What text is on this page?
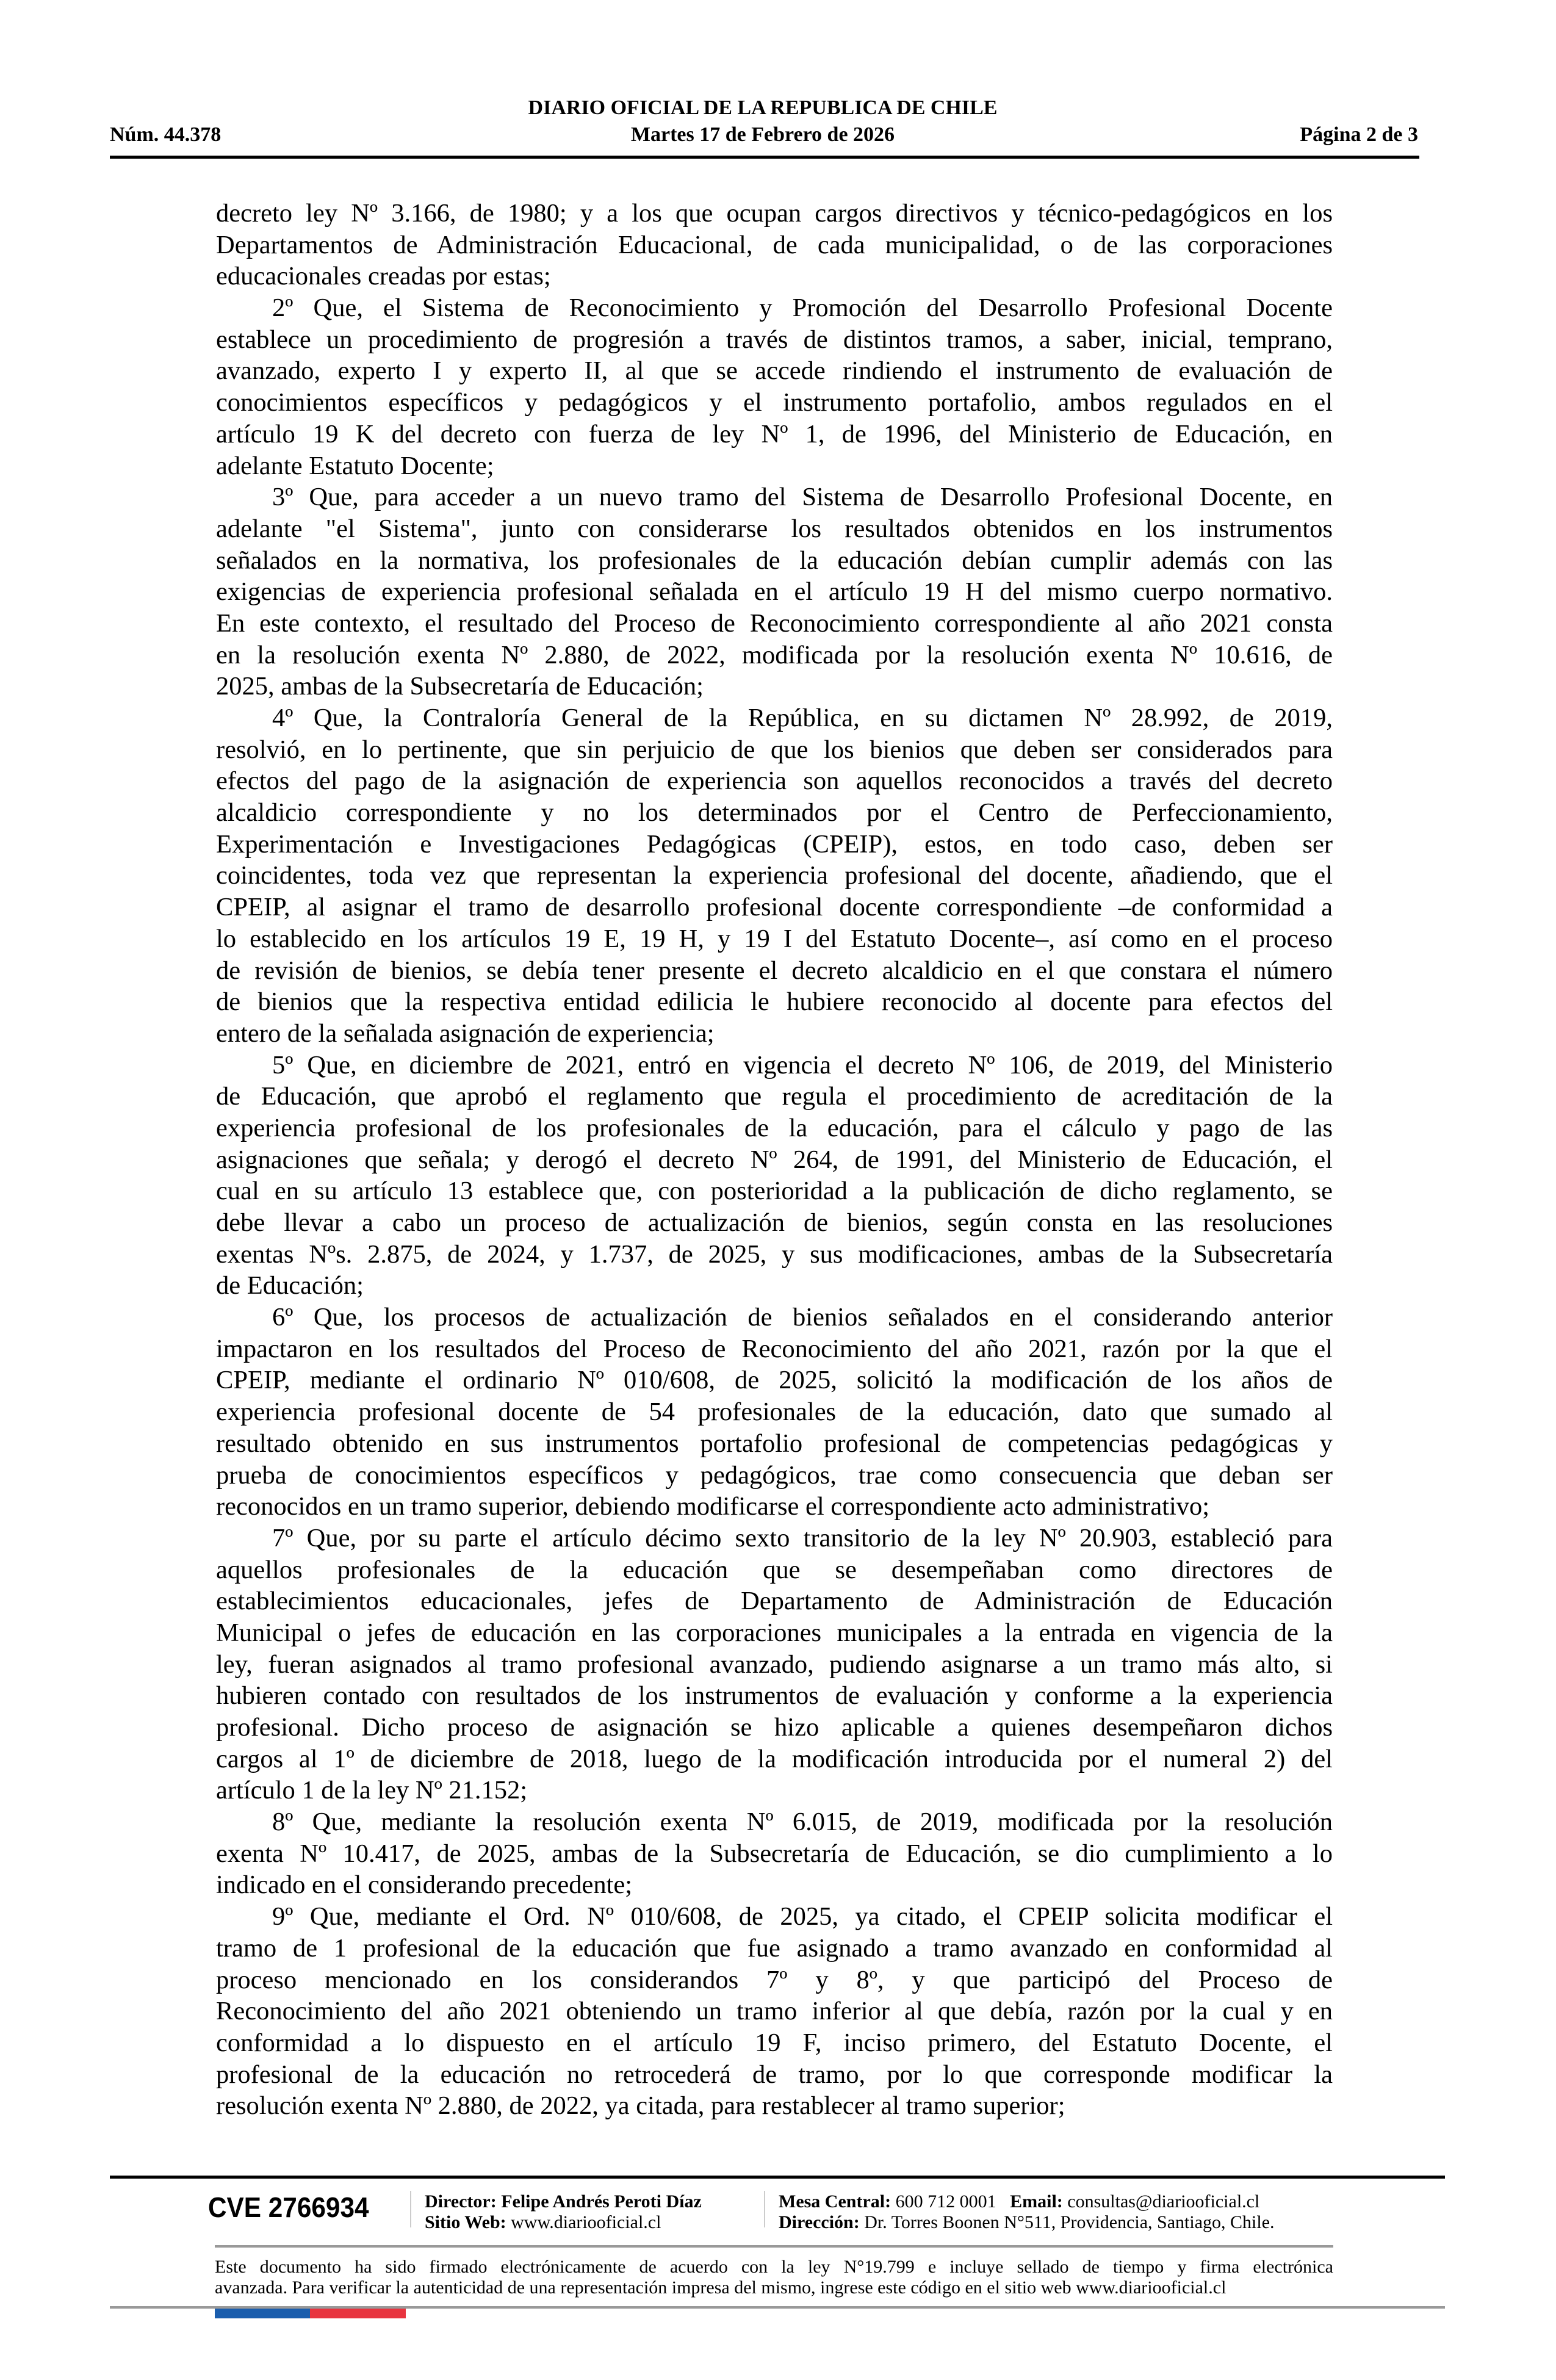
DIARIO OFICIAL DE LA REPUBLICA DE CHILE
Núm. 44.378	Martes 17 de Febrero de 2026	Página 2 de 3
decreto ley Nº 3.166, de 1980; y a los que ocupan cargos directivos y técnico-pedagógicos en los
Departamentos de Administración Educacional, de cada municipalidad, o de las corporaciones
educacionales creadas por estas;
2º Que, el Sistema de Reconocimiento y Promoción del Desarrollo Profesional Docente
establece un procedimiento de progresión a través de distintos tramos, a saber, inicial, temprano,
avanzado, experto I y experto II, al que se accede rindiendo el instrumento de evaluación de
conocimientos específicos y pedagógicos y el instrumento portafolio, ambos regulados en el
artículo 19 K del decreto con fuerza de ley Nº 1, de 1996, del Ministerio de Educación, en
adelante Estatuto Docente;
3º Que, para acceder a un nuevo tramo del Sistema de Desarrollo Profesional Docente, en
adelante "el Sistema", junto con considerarse los resultados obtenidos en los instrumentos
señalados en la normativa, los profesionales de la educación debían cumplir además con las
exigencias de experiencia profesional señalada en el artículo 19 H del mismo cuerpo normativo.
En este contexto, el resultado del Proceso de Reconocimiento correspondiente al año 2021 consta
en la resolución exenta Nº 2.880, de 2022, modificada por la resolución exenta Nº 10.616, de
2025, ambas de la Subsecretaría de Educación;
4º Que, la Contraloría General de la República, en su dictamen Nº 28.992, de 2019,
resolvió, en lo pertinente, que sin perjuicio de que los bienios que deben ser considerados para
efectos del pago de la asignación de experiencia son aquellos reconocidos a través del decreto
alcaldicio correspondiente y no los determinados por el Centro de Perfeccionamiento,
Experimentación e Investigaciones Pedagógicas (CPEIP), estos, en todo caso, deben ser
coincidentes, toda vez que representan la experiencia profesional del docente, añadiendo, que el
CPEIP, al asignar el tramo de desarrollo profesional docente correspondiente –de conformidad a
lo establecido en los artículos 19 E, 19 H, y 19 I del Estatuto Docente–, así como en el proceso
de revisión de bienios, se debía tener presente el decreto alcaldicio en el que constara el número
de bienios que la respectiva entidad edilicia le hubiere reconocido al docente para efectos del
entero de la señalada asignación de experiencia;
5º Que, en diciembre de 2021, entró en vigencia el decreto Nº 106, de 2019, del Ministerio
de Educación, que aprobó el reglamento que regula el procedimiento de acreditación de la
experiencia profesional de los profesionales de la educación, para el cálculo y pago de las
asignaciones que señala; y derogó el decreto Nº 264, de 1991, del Ministerio de Educación, el
cual en su artículo 13 establece que, con posterioridad a la publicación de dicho reglamento, se
debe llevar a cabo un proceso de actualización de bienios, según consta en las resoluciones
exentas Nºs. 2.875, de 2024, y 1.737, de 2025, y sus modificaciones, ambas de la Subsecretaría
de Educación;
6º Que, los procesos de actualización de bienios señalados en el considerando anterior
impactaron en los resultados del Proceso de Reconocimiento del año 2021, razón por la que el
CPEIP, mediante el ordinario Nº 010/608, de 2025, solicitó la modificación de los años de
experiencia profesional docente de 54 profesionales de la educación, dato que sumado al
resultado obtenido en sus instrumentos portafolio profesional de competencias pedagógicas y
prueba de conocimientos específicos y pedagógicos, trae como consecuencia que deban ser
reconocidos en un tramo superior, debiendo modificarse el correspondiente acto administrativo;
7º Que, por su parte el artículo décimo sexto transitorio de la ley Nº 20.903, estableció para
aquellos profesionales de la educación que se desempeñaban como directores de
establecimientos educacionales, jefes de Departamento de Administración de Educación
Municipal o jefes de educación en las corporaciones municipales a la entrada en vigencia de la
ley, fueran asignados al tramo profesional avanzado, pudiendo asignarse a un tramo más alto, si
hubieren contado con resultados de los instrumentos de evaluación y conforme a la experiencia
profesional. Dicho proceso de asignación se hizo aplicable a quienes desempeñaron dichos
cargos al 1º de diciembre de 2018, luego de la modificación introducida por el numeral 2) del
artículo 1 de la ley Nº 21.152;
8º Que, mediante la resolución exenta Nº 6.015, de 2019, modificada por la resolución
exenta Nº 10.417, de 2025, ambas de la Subsecretaría de Educación, se dio cumplimiento a lo
indicado en el considerando precedente;
9º Que, mediante el Ord. Nº 010/608, de 2025, ya citado, el CPEIP solicita modificar el
tramo de 1 profesional de la educación que fue asignado a tramo avanzado en conformidad al
proceso mencionado en los considerandos 7º y 8º, y que participó del Proceso de
Reconocimiento del año 2021 obteniendo un tramo inferior al que debía, razón por la cual y en
conformidad a lo dispuesto en el artículo 19 F, inciso primero, del Estatuto Docente, el
profesional de la educación no retrocederá de tramo, por lo que corresponde modificar la
resolución exenta Nº 2.880, de 2022, ya citada, para restablecer al tramo superior;
CVE 2766934	Director: Felipe Andrés Peroti Díaz
Sitio Web: www.diariooficial.cl
Mesa Central: 600 712 0001 Email: consultas@diariooficial.cl
Dirección: Dr. Torres Boonen N°511, Providencia, Santiago, Chile.
Este documento ha sido firmado electrónicamente de acuerdo con la ley N°19.799 e incluye sellado de tiempo y firma electrónica
avanzada. Para verificar la autenticidad de una representación impresa del mismo, ingrese este código en el sitio web www.diariooficial.cl
